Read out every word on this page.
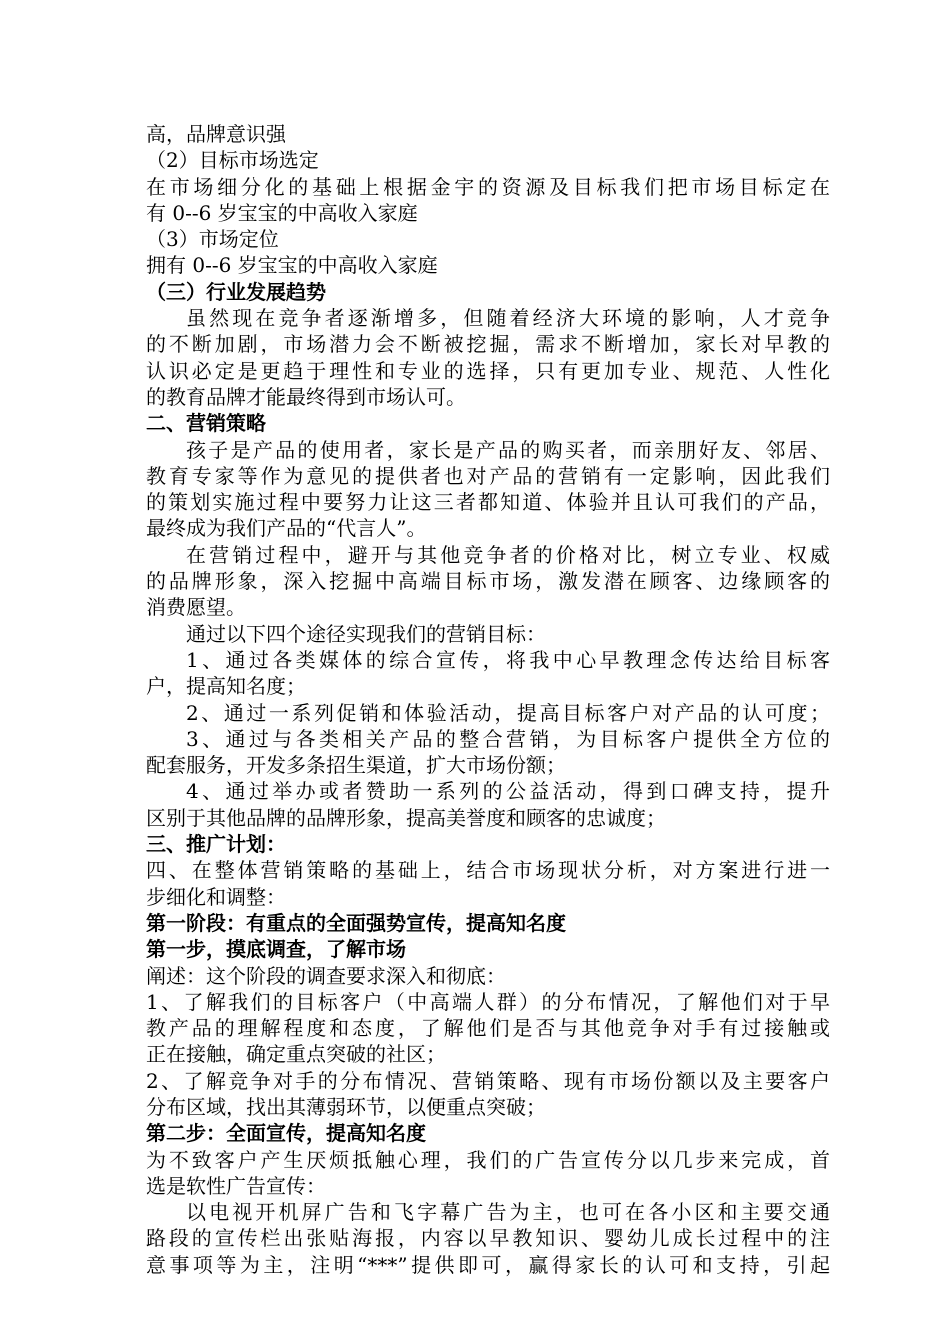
高，品牌意识强
（2）目标市场选定
在市场细分化的基础上根据金宇的资源及目标我们把市场目标定在
有 0--6 岁宝宝的中高收入家庭
（3）市场定位
拥有 0--6 岁宝宝的中高收入家庭
（三）行业发展趋势
虽然现在竞争者逐渐增多，但随着经济大环境的影响，人才竞争
的不断加剧，市场潜力会不断被挖掘，需求不断增加，家长对早教的
认识必定是更趋于理性和专业的选择，只有更加专业、规范、人性化
的教育品牌才能最终得到市场认可。
二、营销策略
孩子是产品的使用者，家长是产品的购买者，而亲朋好友、邻居、
教育专家等作为意见的提供者也对产品的营销有一定影响，因此我们
的策划实施过程中要努力让这三者都知道、体验并且认可我们的产品，
最终成为我们产品的“代言人”。
在营销过程中，避开与其他竞争者的价格对比，树立专业、权威
的品牌形象，深入挖掘中高端目标市场，激发潜在顾客、边缘顾客的
消费愿望。
通过以下四个途径实现我们的营销目标：
1、通过各类媒体的综合宣传，将我中心早教理念传达给目标客
户，提高知名度；
2、通过一系列促销和体验活动，提高目标客户对产品的认可度；
3、通过与各类相关产品的整合营销，为目标客户提供全方位的
配套服务，开发多条招生渠道，扩大市场份额；
4、通过举办或者赞助一系列的公益活动，得到口碑支持，提升
区别于其他品牌的品牌形象，提高美誉度和顾客的忠诚度；
三、推广计划：
四、在整体营销策略的基础上，结合市场现状分析，对方案进行进一
步细化和调整：
第一阶段：有重点的全面强势宣传，提高知名度
第一步，摸底调查，了解市场
阐述：这个阶段的调查要求深入和彻底：
1、了解我们的目标客户（中高端人群）的分布情况，了解他们对于早
教产品的理解程度和态度，了解他们是否与其他竞争对手有过接触或
正在接触，确定重点突破的社区；
2、了解竞争对手的分布情况、营销策略、现有市场份额以及主要客户
分布区域，找出其薄弱环节，以便重点突破；
第二步：全面宣传，提高知名度
为不致客户产生厌烦抵触心理，我们的广告宣传分以几步来完成，首
选是软性广告宣传：
以电视开机屏广告和飞字幕广告为主，也可在各小区和主要交通
路段的宣传栏出张贴海报，内容以早教知识、婴幼儿成长过程中的注
意事项等为主，注明“***”提供即可，赢得家长的认可和支持，引起
